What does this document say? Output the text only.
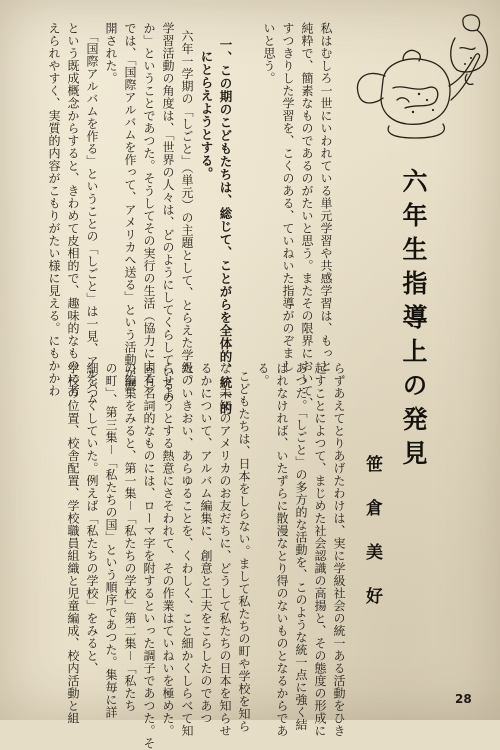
六年生指導上の発見
笹倉美好
私はむしろ一世にいわれている単元学習や共感学習は、もっと
純粋で、簡素なものであるのがたいと思う。またその限界において、
すつきりした学習を、こくのある、ていねいた指導がのぞまし
いと思う。
一、この期のこどもたちは、総じて、ことがらを全体的、統一的
にとらえようとする。
六年一学期の「しごと」（単元）の主題として、とらえた学級の
学習活動の角度は、「世界の人々は、どのようにしてくらしているの
か」ということであつた。そうしてその実行の生活（協力による）
では、「国際アルバムを作って、アメリカへ送る」という活動が展
開された。
「国際アルバムを作る」ということの「しごと」は一見、アルバム
という既成概念からすると、きわめて皮相的で、趣味的なものに考
えられやすく、実質的内容がこもりがたい様に見える。にもかかわ
らずあえてとりあげたわけは、実に学級社会の統一ある活動をひき
起すことによつて、まじめた社会認識の高揚と、その態度の形成に
あつた。「しごと」の多方的な活動を、このような統一点に強く結
ばれなければ、いたずらに散漫なとり得のないものとなるからであ
る。
こどもたちは、日本をしらない。まして私たちの町や学校を知ら
ない未知のアメリカのお友だちに、どうして私たちの日本を知らせ
るかについて、アルバム編集に、創意と工夫をこらしたのであつ
た。いきおい、あらゆることを、くわしく、こと細かくしらべて知
らせようとする熱意にさそわれて、その作業はていねいを極めた。
固有名詞的なものには、ローマ字を附するといった調子であつた。そ
の編集をみると、第一集－「私たちの学校」第二集－「私たち
の町」、第三集－「私たちの国」という順序であつた。集毎に詳
細をつくしていた。例えば「私たちの学校」をみると、
学校の位置、校舎配置、学校職員組織と児童編成、校内活動と組	28
